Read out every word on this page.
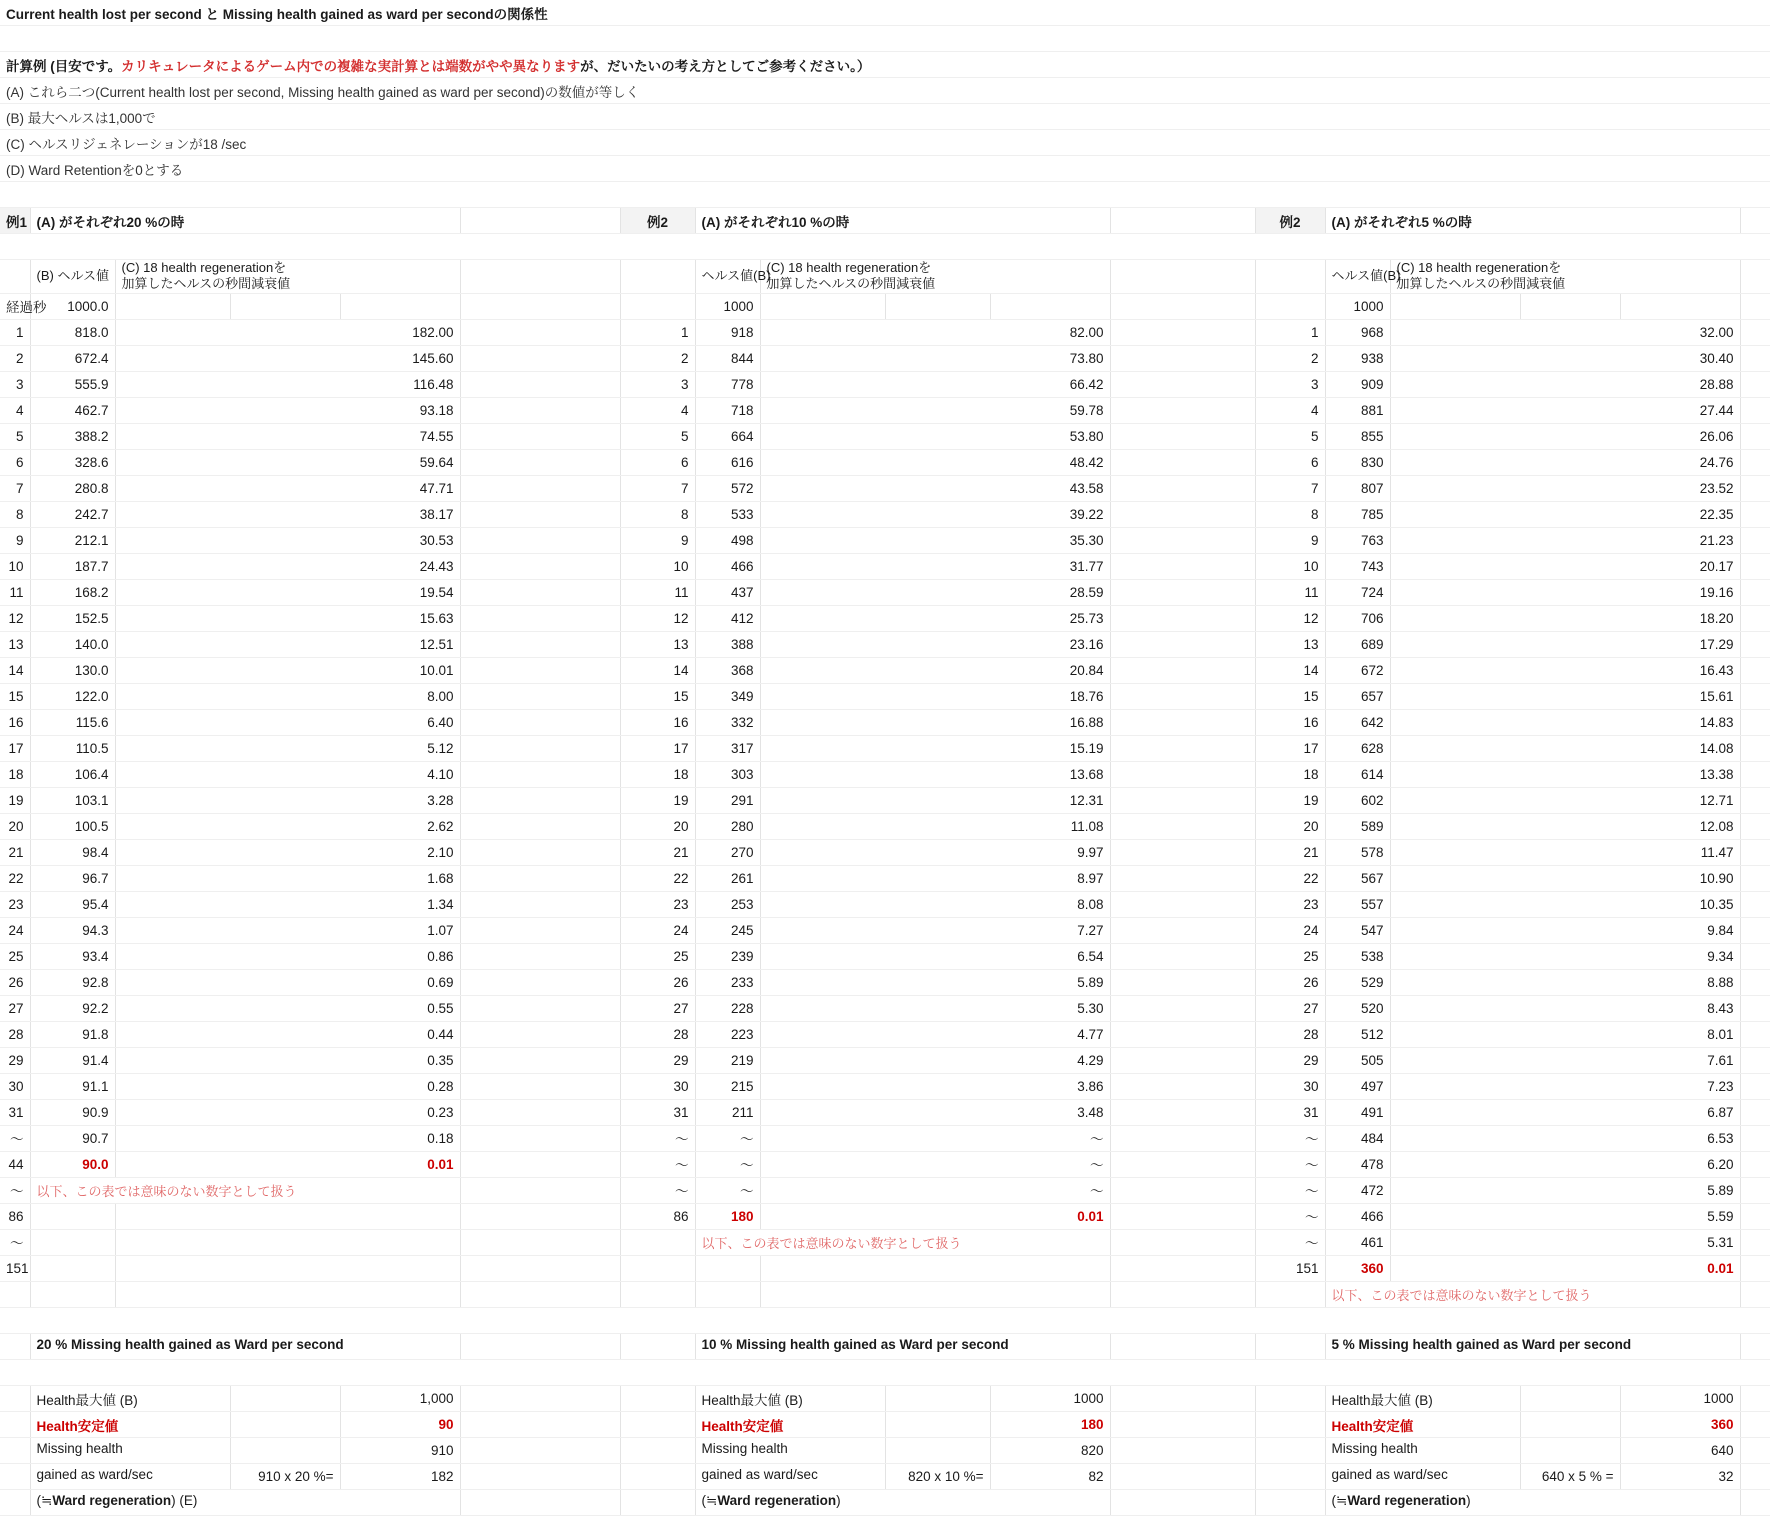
Current health lost per second と Missing health gained as ward per secondの関係性																	

計算例 (目安です。カリキュレータによるゲーム内での複雑な実計算とは端数がやや異なりますが、だいたいの考え方としてご参考ください。）																	

(A) これら二つ(Current health lost per second, Missing health gained as ward per second)の数値が等しく																	

(B) 最大ヘルスは1,000で																	

(C) ヘルスリジェネレーションが18 /sec																	

(D) Ward Retentionを0とする																	

例1	(A) がそれぞれ20 %の時					例2	(A) がそれぞれ10 %の時					例2	(A) がそれぞれ5 %の時				

	(B) ヘルス値	(C) 18 health regenerationを
加算したヘルスの秒間減衰値					ヘルス値(B)	(C) 18 health regenerationを
加算したヘルスの秒間減衰値					ヘルス値(B)	(C) 18 health regenerationを
加算したヘルスの秒間減衰値			
経過秒	1000.0						1000						1000				
1	818.0	182.00				1	918	82.00				1	968	32.00			
2	672.4	145.60				2	844	73.80				2	938	30.40			
3	555.9	116.48				3	778	66.42				3	909	28.88			
4	462.7	93.18				4	718	59.78				4	881	27.44			
5	388.2	74.55				5	664	53.80				5	855	26.06			
6	328.6	59.64				6	616	48.42				6	830	24.76			
7	280.8	47.71				7	572	43.58				7	807	23.52			
8	242.7	38.17				8	533	39.22				8	785	22.35			
9	212.1	30.53				9	498	35.30				9	763	21.23			
10	187.7	24.43				10	466	31.77				10	743	20.17			
11	168.2	19.54				11	437	28.59				11	724	19.16			
12	152.5	15.63				12	412	25.73				12	706	18.20			
13	140.0	12.51				13	388	23.16				13	689	17.29			
14	130.0	10.01				14	368	20.84				14	672	16.43			
15	122.0	8.00				15	349	18.76				15	657	15.61			
16	115.6	6.40				16	332	16.88				16	642	14.83			
17	110.5	5.12				17	317	15.19				17	628	14.08			
18	106.4	4.10				18	303	13.68				18	614	13.38			
19	103.1	3.28				19	291	12.31				19	602	12.71			
20	100.5	2.62				20	280	11.08				20	589	12.08			
21	98.4	2.10				21	270	9.97				21	578	11.47			
22	96.7	1.68				22	261	8.97				22	567	10.90			
23	95.4	1.34				23	253	8.08				23	557	10.35			
24	94.3	1.07				24	245	7.27				24	547	9.84			
25	93.4	0.86				25	239	6.54				25	538	9.34			
26	92.8	0.69				26	233	5.89				26	529	8.88			
27	92.2	0.55				27	228	5.30				27	520	8.43			
28	91.8	0.44				28	223	4.77				28	512	8.01			
29	91.4	0.35				29	219	4.29				29	505	7.61			
30	91.1	0.28				30	215	3.86				30	497	7.23			
31	90.9	0.23				31	211	3.48				31	491	6.87			
〜	90.7	0.18				〜	〜	〜				〜	484	6.53			
44	90.0	0.01				〜	〜	〜				〜	478	6.20			
〜	以下、この表では意味のない数字として扱う					〜	〜	〜				〜	472	5.89			
86						86	180	0.01				〜	466	5.59			
〜							以下、この表では意味のない数字として扱う					〜	461	5.31			
151												151	360	0.01			

													以下、この表では意味のない数字として扱う				

	20 % Missing health gained as Ward per second						10 % Missing health gained as Ward per second						5 % Missing health gained as Ward per second				

	Health最大値 (B)			1,000			Health最大値 (B)			1000			Health最大値 (B)			1000	

	Health安定値			90			Health安定値			180			Health安定値			360	

	Missing health			910			Missing health			820			Missing health			640	

	gained as ward/sec		910 x 20 %=	182			gained as ward/sec		820 x 10 %=	82			gained as ward/sec		640 x 5 % =	32	

	(≒Ward regeneration) (E)						(≒Ward regeneration)						(≒Ward regeneration)				
